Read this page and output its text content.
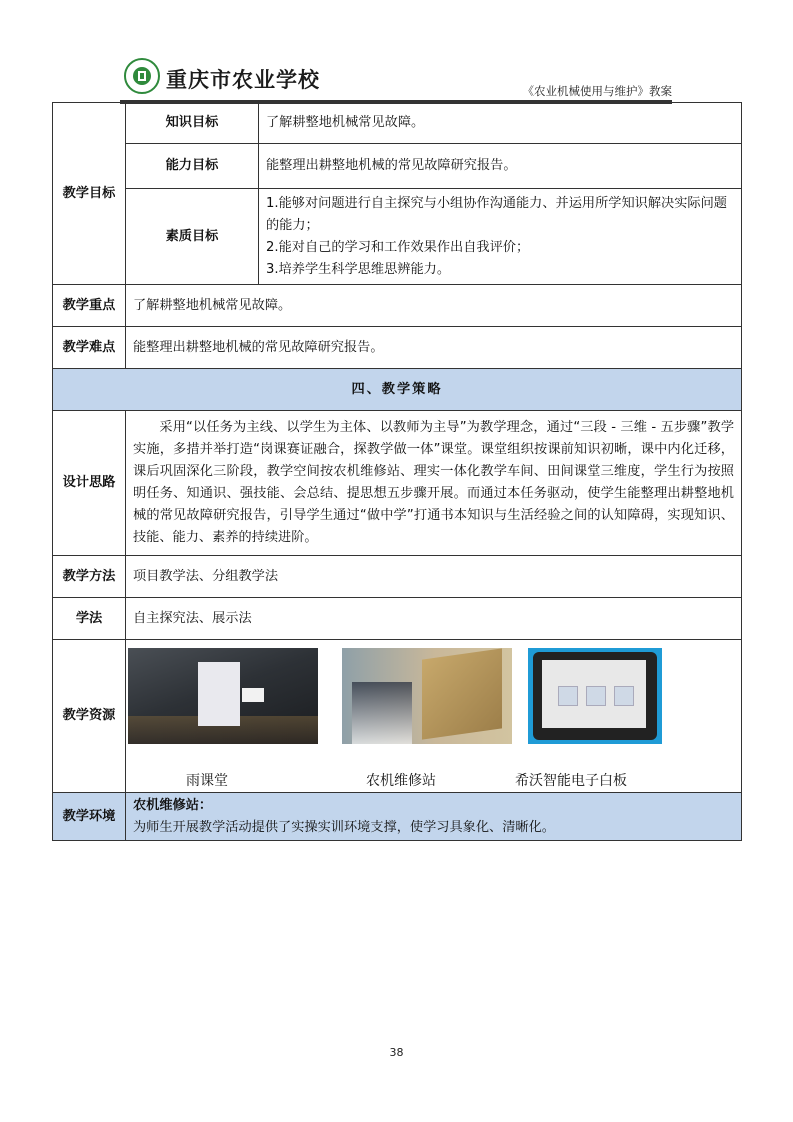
重庆市农业学校	《农业机械使用与维护》教案
教学目标	知识目标	了解耕整地机械常见故障。
	能力目标	能整理出耕整地机械的常见故障研究报告。
	素质目标	1.能够对问题进行自主探究与小组协作沟通能力、并运用所学知识解决实际问题的能力；
2.能对自己的学习和工作效果作出自我评价；
3.培养学生科学思维思辨能力。

教学重点	了解耕整地机械常见故障。	
教学难点	能整理出耕整地机械的常见故障研究报告。	
四、教学策略		
设计思路	采用“以任务为主线、以学生为主体、以教师为主导”为教学理念，通过“三段 - 三维 - 五步骤”教学实施，多措并举打造“岗课赛证融合，探教学做一体”课堂。课堂组织按课前知识初晰，课中内化迁移，课后巩固深化三阶段，教学空间按农机维修站、理实一体化教学车间、田间课堂三维度，学生行为按照明任务、知通识、强技能、会总结、提思想五步骤开展。而通过本任务驱动，使学生能整理出耕整地机械的常见故障研究报告，引导学生通过“做中学”打通书本知识与生活经验之间的认知障碍，实现知识、技能、能力、素养的持续进阶。	

教学方法	项目教学法、分组教学法	
学法	自主探究法、展示法	
教学资源	雨课堂 农机维修站 希沃智能电子白板	

教学环境	农机维修站：
为师生开展教学活动提供了实操实训环境支撑，使学习具象化、清晰化。	
38
